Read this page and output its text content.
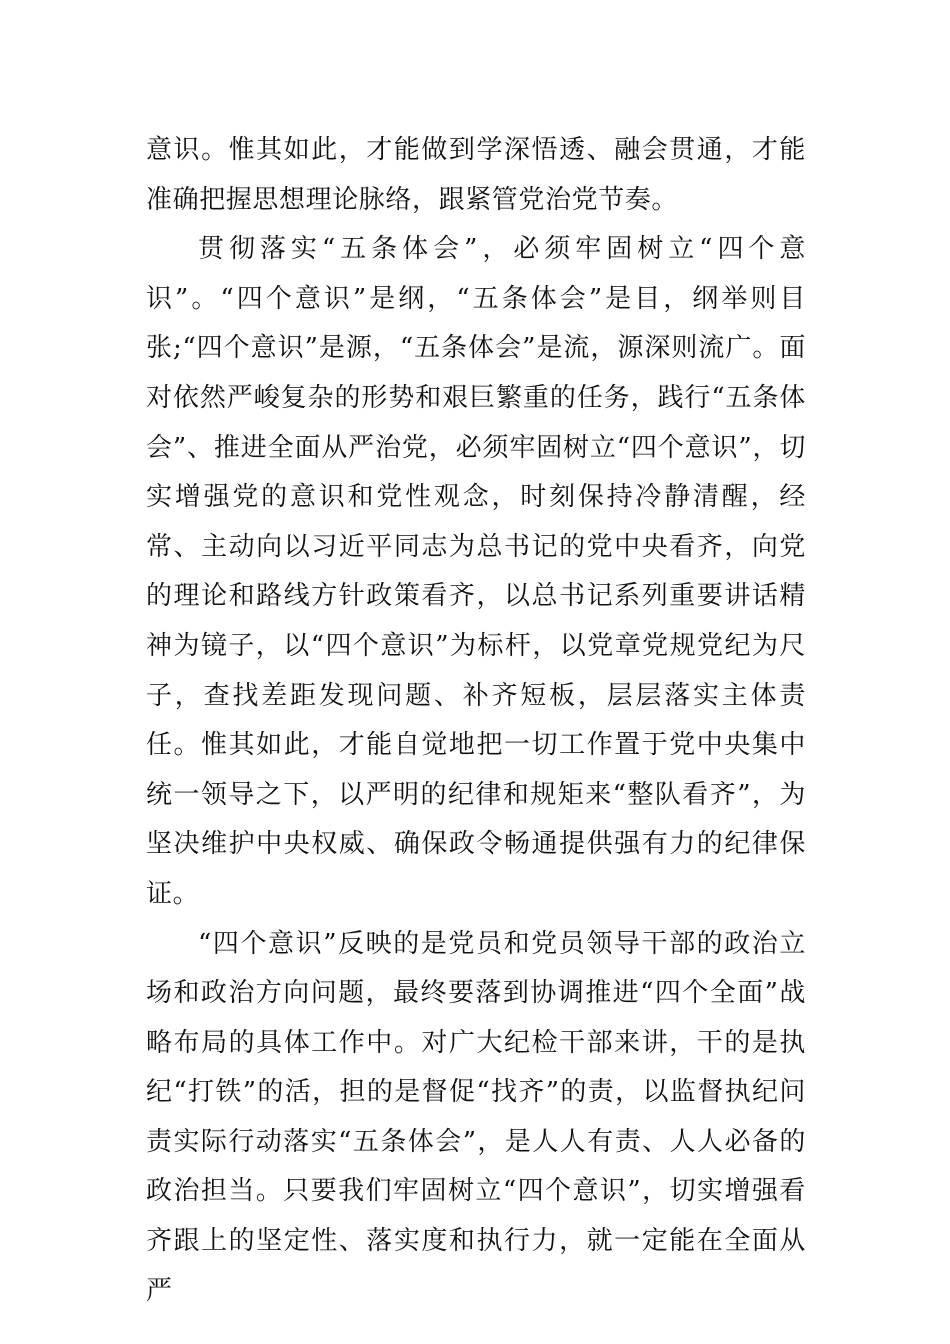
意识。惟其如此，才能做到学深悟透、融会贯通，才能准确把握思想理论脉络，跟紧管党治党节奏。

贯彻落实“五条体会”，必须牢固树立“四个意识”。“四个意识”是纲，“五条体会”是目，纲举则目张;“四个意识”是源，“五条体会”是流，源深则流广。面对依然严峻复杂的形势和艰巨繁重的任务，践行“五条体会”、推进全面从严治党，必须牢固树立“四个意识”，切实增强党的意识和党性观念，时刻保持冷静清醒，经常、主动向以习近平同志为总书记的党中央看齐，向党的理论和路线方针政策看齐，以总书记系列重要讲话精神为镜子，以“四个意识”为标杆，以党章党规党纪为尺子，查找差距发现问题、补齐短板，层层落实主体责任。惟其如此，才能自觉地把一切工作置于党中央集中统一领导之下，以严明的纪律和规矩来“整队看齐”，为坚决维护中央权威、确保政令畅通提供强有力的纪律保证。

“四个意识”反映的是党员和党员领导干部的政治立场和政治方向问题，最终要落到协调推进“四个全面”战略布局的具体工作中。对广大纪检干部来讲，干的是执纪“打铁”的活，担的是督促“找齐”的责，以监督执纪问责实际行动落实“五条体会”，是人人有责、人人必备的政治担当。只要我们牢固树立“四个意识”，切实增强看齐跟上的坚定性、落实度和执行力，就一定能在全面从严
